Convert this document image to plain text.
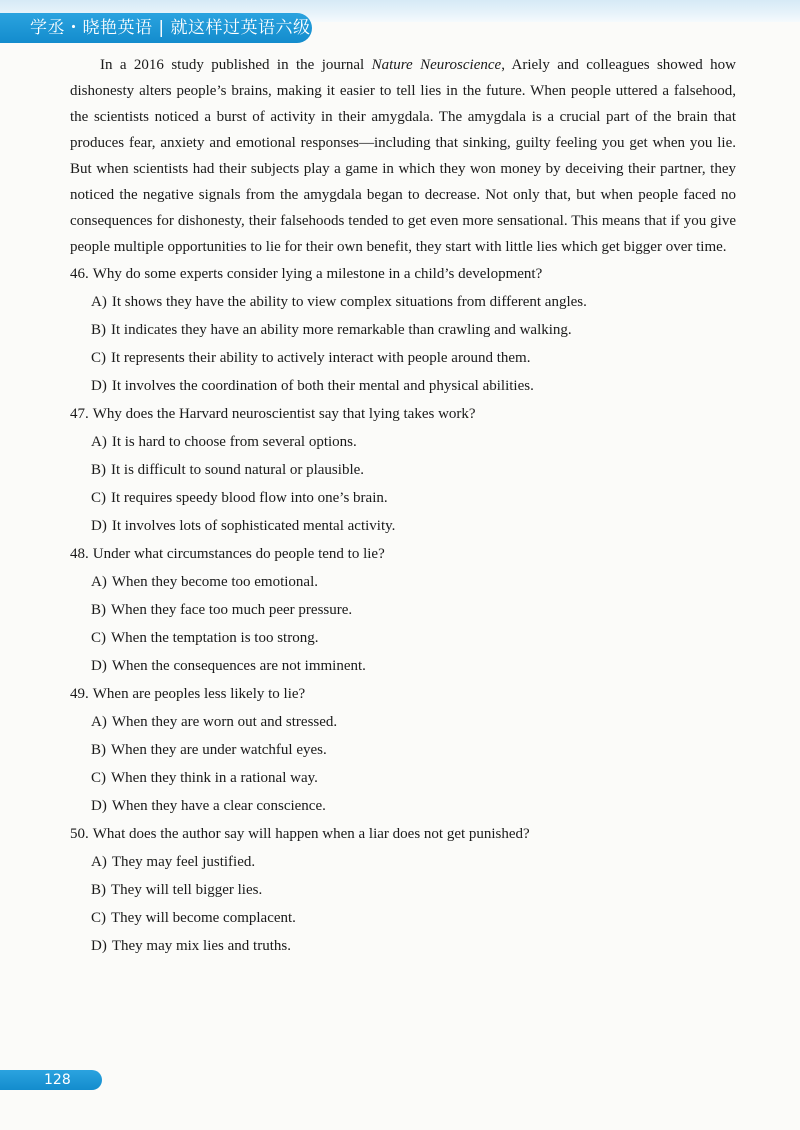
学丞・晓艳英语 | 就这样过英语六级

In a 2016 study published in the journal Nature Neuroscience, Ariely and colleagues showed how dishonesty alters people’s brains, making it easier to tell lies in the future. When people uttered a falsehood, the scientists noticed a burst of activity in their amygdala. The amygdala is a crucial part of the brain that produces fear, anxiety and emotional responses—including that sinking, guilty feeling you get when you lie. But when scientists had their subjects play a game in which they won money by deceiving their partner, they noticed the negative signals from the amygdala began to decrease. Not only that, but when people faced no consequences for dishonesty, their falsehoods tended to get even more sensational. This means that if you give people multiple opportunities to lie for their own benefit, they start with little lies which get bigger over time.

46. Why do some experts consider lying a milestone in a child’s development?
A) It shows they have the ability to view complex situations from different angles.
B) It indicates they have an ability more remarkable than crawling and walking.
C) It represents their ability to actively interact with people around them.
D) It involves the coordination of both their mental and physical abilities.
47. Why does the Harvard neuroscientist say that lying takes work?
A) It is hard to choose from several options.
B) It is difficult to sound natural or plausible.
C) It requires speedy blood flow into one’s brain.
D) It involves lots of sophisticated mental activity.
48. Under what circumstances do people tend to lie?
A) When they become too emotional.
B) When they face too much peer pressure.
C) When the temptation is too strong.
D) When the consequences are not imminent.
49. When are peoples less likely to lie?
A) When they are worn out and stressed.
B) When they are under watchful eyes.
C) When they think in a rational way.
D) When they have a clear conscience.
50. What does the author say will happen when a liar does not get punished?
A) They may feel justified.
B) They will tell bigger lies.
C) They will become complacent.
D) They may mix lies and truths.
128
